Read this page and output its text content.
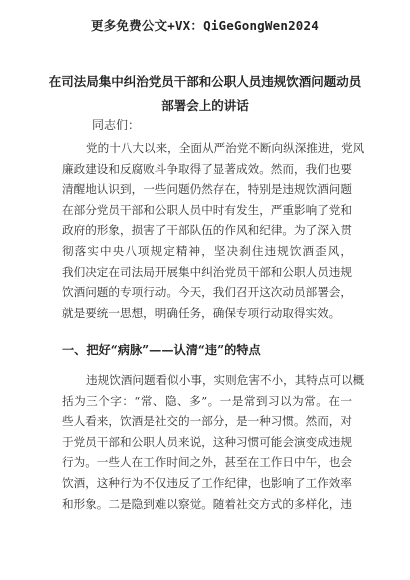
更多免费公文+VX：QiGeGongWen2024
在司法局集中纠治党员干部和公职人员违规饮酒问题动员
部署会上的讲话
同志们：
党的十八大以来，全面从严治党不断向纵深推进，党风
廉政建设和反腐败斗争取得了显著成效。然而，我们也要
清醒地认识到，一些问题仍然存在，特别是违规饮酒问题
在部分党员干部和公职人员中时有发生，严重影响了党和
政府的形象，损害了干部队伍的作风和纪律。为了深入贯
彻落实中央八项规定精神，坚决刹住违规饮酒歪风，
我们决定在司法局开展集中纠治党员干部和公职人员违规
饮酒问题的专项行动。今天，我们召开这次动员部署会，
就是要统一思想，明确任务，确保专项行动取得实效。
一、把好“病脉”——认清“违”的特点
违规饮酒问题看似小事，实则危害不小，其特点可以概
括为三个字：“常、隐、多”。一是常到习以为常。在一
些人看来，饮酒是社交的一部分，是一种习惯。然而，对
于党员干部和公职人员来说，这种习惯可能会演变成违规
行为。一些人在工作时间之外，甚至在工作日中午，也会
饮酒，这种行为不仅违反了工作纪律，也影响了工作效率
和形象。二是隐到难以察觉。随着社交方式的多样化，违
